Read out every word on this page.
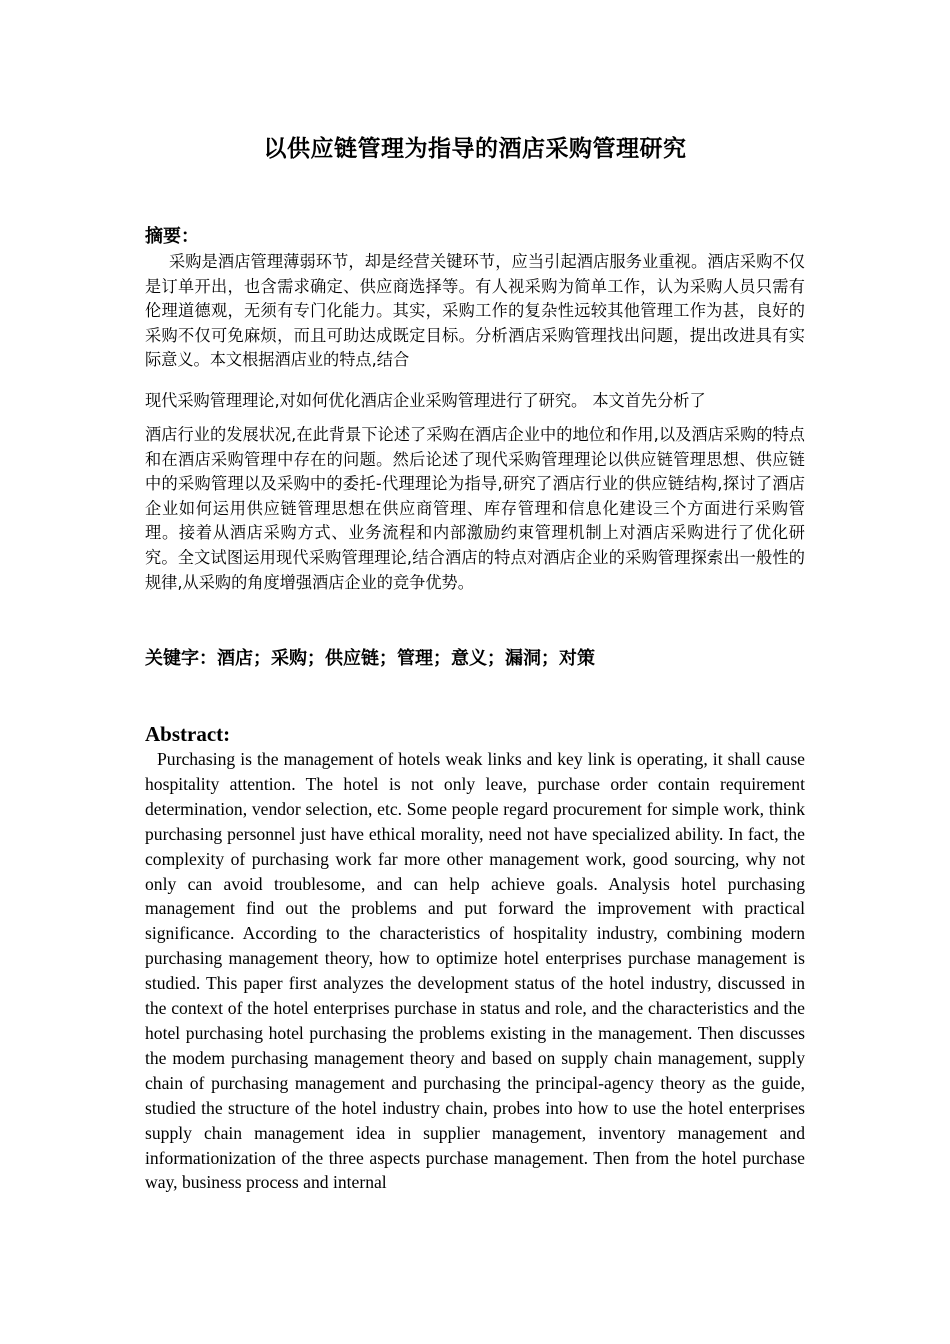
以供应链管理为指导的酒店采购管理研究
摘要：

采购是酒店管理薄弱环节，却是经营关键环节，应当引起酒店服务业重视。酒店采购不仅是订单开出，也含需求确定、供应商选择等。有人视采购为简单工作，认为采购人员只需有伦理道德观，无须有专门化能力。其实，采购工作的复杂性远较其他管理工作为甚，良好的采购不仅可免麻烦，而且可助达成既定目标。分析酒店采购管理找出问题，提出改进具有实际意义。本文根据酒店业的特点,结合

现代采购管理理论,对如何优化酒店企业采购管理进行了研究。 本文首先分析了

酒店行业的发展状况,在此背景下论述了采购在酒店企业中的地位和作用,以及酒店采购的特点和在酒店采购管理中存在的问题。然后论述了现代采购管理理论以供应链管理思想、供应链中的采购管理以及采购中的委托-代理理论为指导,研究了酒店行业的供应链结构,探讨了酒店企业如何运用供应链管理思想在供应商管理、库存管理和信息化建设三个方面进行采购管理。接着从酒店采购方式、业务流程和内部激励约束管理机制上对酒店采购进行了优化研究。全文试图运用现代采购管理理论,结合酒店的特点对酒店企业的采购管理探索出一般性的规律,从采购的角度增强酒店企业的竞争优势。

关键字：酒店；采购；供应链；管理；意义；漏洞；对策

Abstract:

Purchasing is the management of hotels weak links and key link is operating, it shall cause hospitality attention. The hotel is not only leave, purchase order contain requirement determination, vendor selection, etc. Some people regard procurement for simple work, think purchasing personnel just have ethical morality, need not have specialized ability. In fact, the complexity of purchasing work far more other management work, good sourcing, why not only can avoid troublesome, and can help achieve goals. Analysis hotel purchasing management find out the problems and put forward the improvement with practical significance. According to the characteristics of hospitality industry, combining modern purchasing management theory, how to optimize hotel enterprises purchase management is studied. This paper first analyzes the development status of the hotel industry, discussed in the context of the hotel enterprises purchase in status and role, and the characteristics and the hotel purchasing hotel purchasing the problems existing in the management. Then discusses the modem purchasing management theory and based on supply chain management, supply chain of purchasing management and purchasing the principal-agency theory as the guide, studied the structure of the hotel industry chain, probes into how to use the hotel enterprises supply chain management idea in supplier management, inventory management and informationization of the three aspects purchase management. Then from the hotel purchase way, business process and internal
